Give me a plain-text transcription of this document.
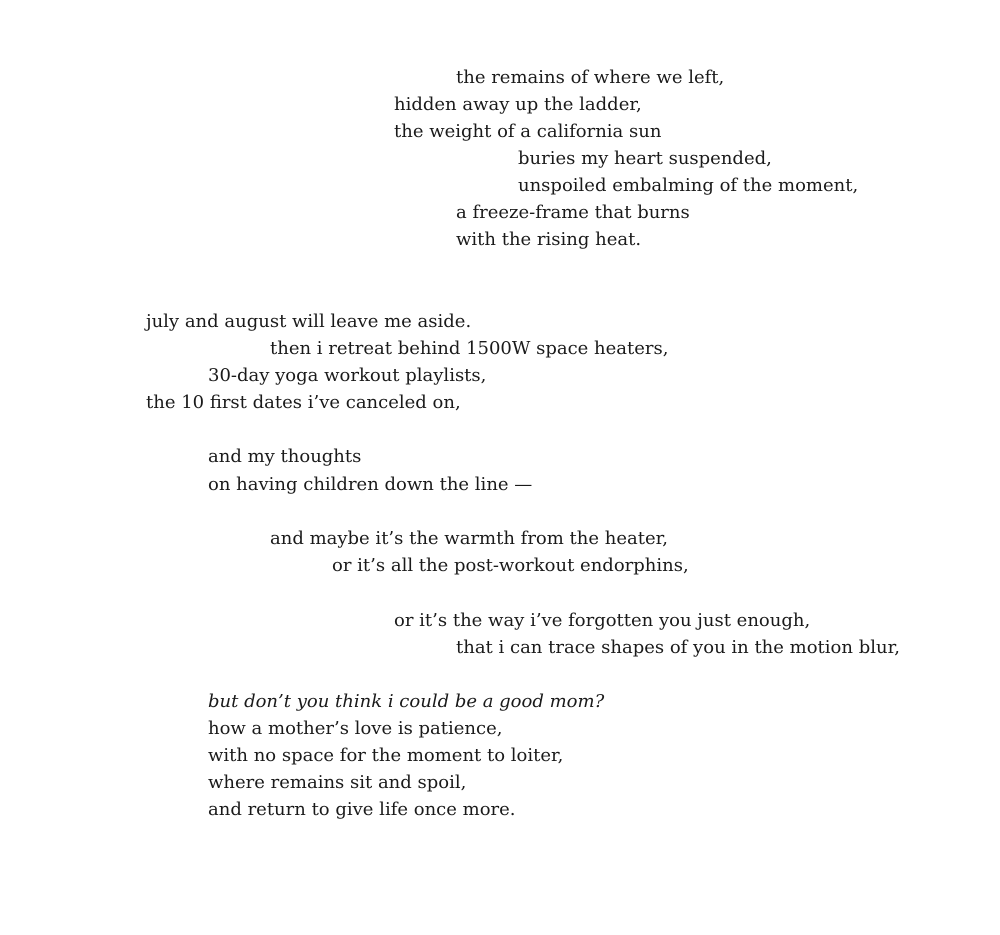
the remains of where we left,
hidden away up the ladder,
the weight of a california sun
buries my heart suspended,
unspoiled embalming of the moment,
a freeze-frame that burns
with the rising heat.
july and august will leave me aside.
then i retreat behind 1500W space heaters,
30-day yoga workout playlists,
the 10 first dates i’ve canceled on,
and my thoughts
on having children down the line —
and maybe it’s the warmth from the heater,
or it’s all the post-workout endorphins,
or it’s the way i’ve forgotten you just enough,
that i can trace shapes of you in the motion blur,
but don’t you think i could be a good mom?
how a mother’s love is patience,
with no space for the moment to loiter,
where remains sit and spoil,
and return to give life once more.
